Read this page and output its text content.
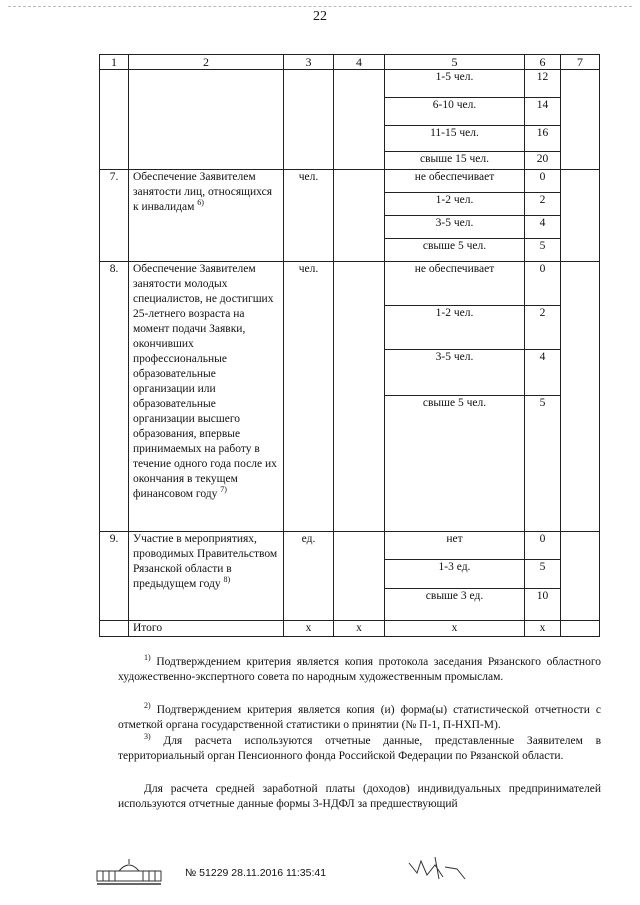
22
1	2	3	4	5	6	7
				1-5 чел.	12	
				6-10 чел.	14	
				11-15 чел.	16	
				свыше 15 чел.	20	
7.	Обеспечение Заявителем занятости лиц, относящихся к инвалидам $^{6)}$	чел.		не обеспечивает	0	
				1-2 чел.	2	
				3-5 чел.	4	
				свыше 5 чел.	5	
8.	Обеспечение Заявителем занятости молодых специалистов, не достигших 25-летнего возраста на момент подачи Заявки, окончивших профессиональные образовательные организации или образовательные организации высшего образования, впервые принимаемых на работу в течение одного года после их окончания в текущем финансовом году $^{7)}$	чел.		не обеспечивает	0	
				1-2 чел.	2	
				3-5 чел.	4	
				свыше 5 чел.	5	
9.	Участие в мероприятиях, проводимых Правительством Рязанской области в предыдущем году $^{8)}$	ед.		нет	0	
				1-3 ед.	5	
				свыше 3 ед.	10	
	Итого	х	х	х	х	
$^{1)}$ Подтверждением критерия является копия протокола заседания Рязанского областного художественно-экспертного совета по народным художественным промыслам.
$^{2)}$ Подтверждением критерия является копия (и) форма(ы) статистической отчетности с отметкой органа государственной статистики о принятии (№ П-1, П-НХП-М).
$^{3)}$ Для расчета используются отчетные данные, представленные Заявителем в территориальный орган Пенсионного фонда Российской Федерации по Рязанской области.
Для расчета средней заработной платы (доходов) индивидуальных предпринимателей используются отчетные данные формы 3-НДФЛ за предшествующий
№ 51229 28.11.2016 11:35:41
